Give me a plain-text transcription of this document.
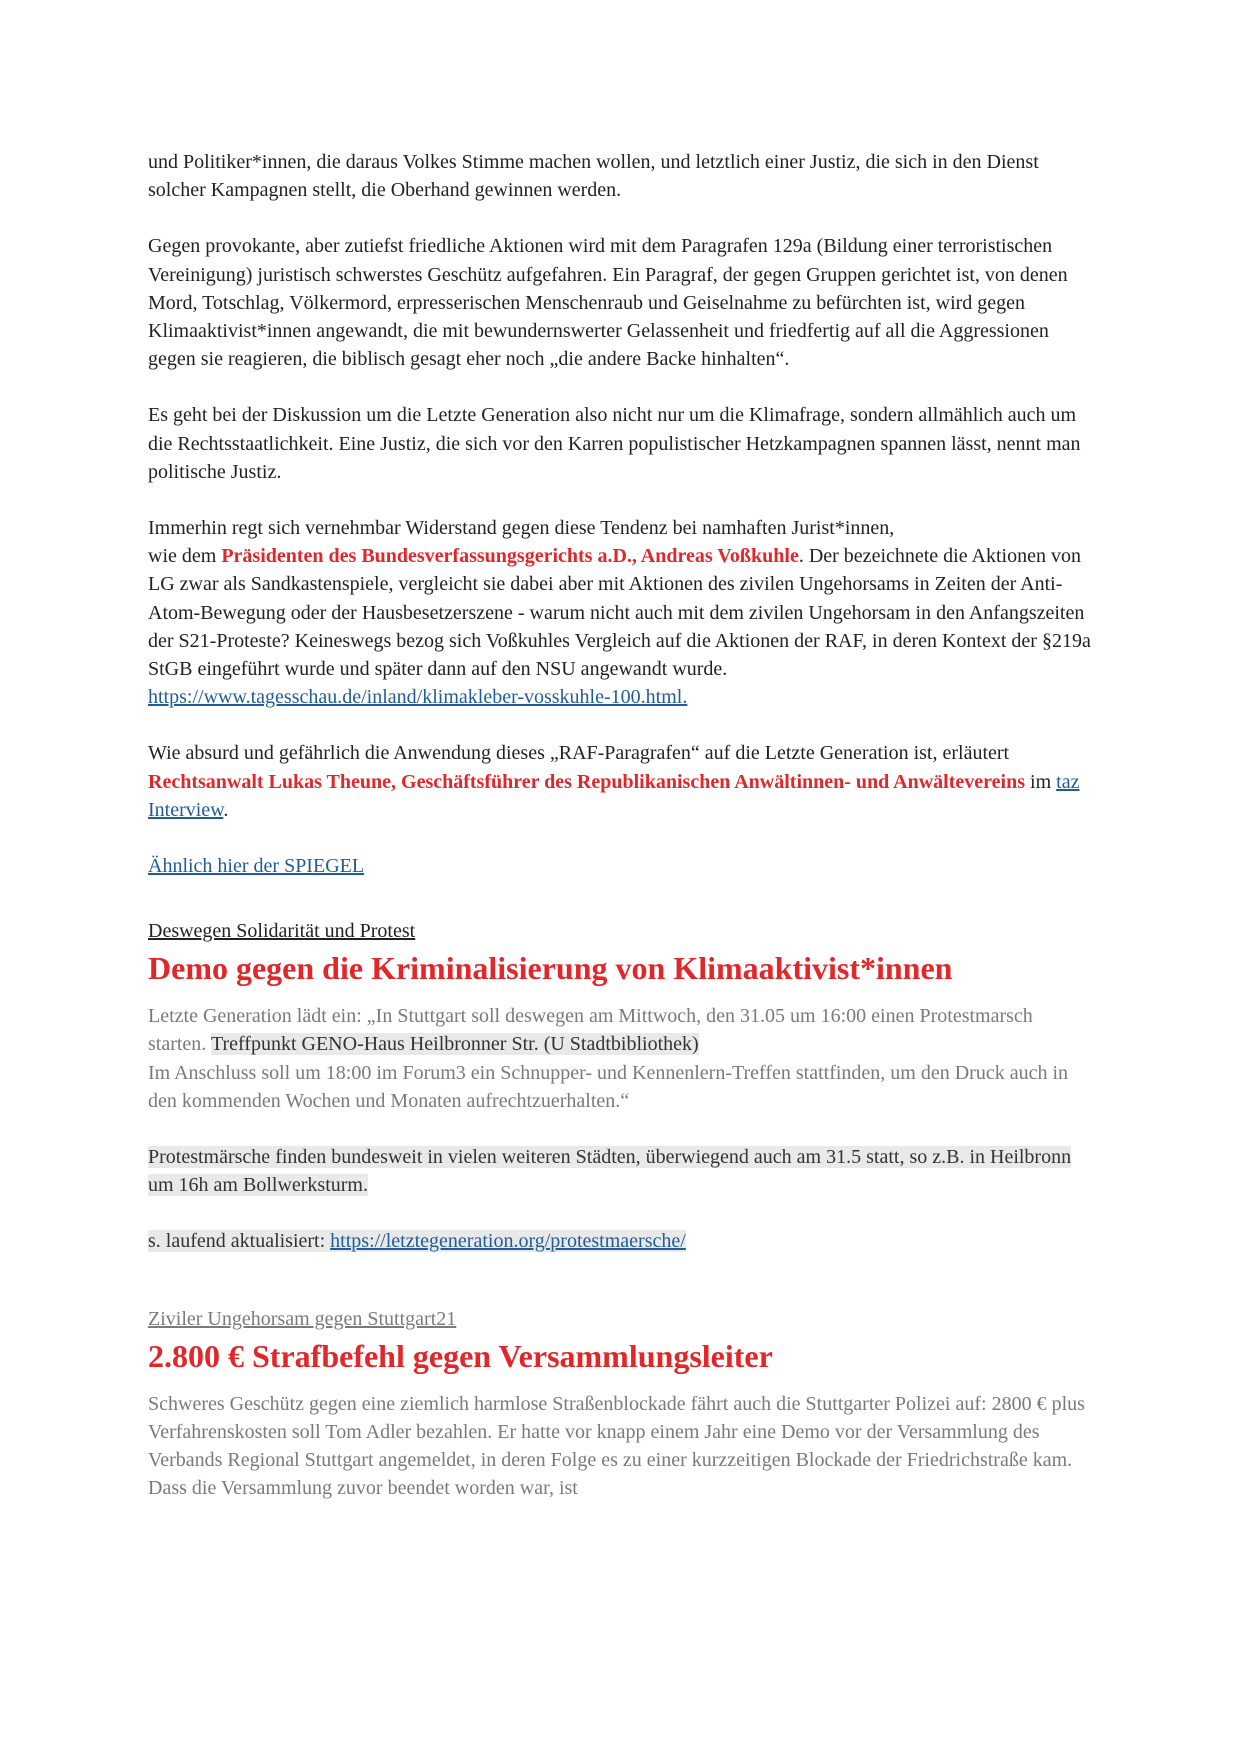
und Politiker*innen, die daraus Volkes Stimme machen wollen, und letztlich einer Justiz, die sich in den Dienst solcher Kampagnen stellt, die Oberhand gewinnen werden.

Gegen provokante, aber zutiefst friedliche Aktionen wird mit dem Paragrafen 129a (Bildung einer terroristischen Vereinigung) juristisch schwerstes Geschütz aufgefahren. Ein Paragraf, der gegen Gruppen gerichtet ist, von denen Mord, Totschlag, Völkermord, erpresserischen Menschenraub und Geiselnahme zu befürchten ist, wird gegen Klimaaktivist*innen angewandt, die mit bewundernswerter Gelassenheit und friedfertig auf all die Aggressionen gegen sie reagieren, die biblisch gesagt eher noch „die andere Backe hinhalten“.

Es geht bei der Diskussion um die Letzte Generation also nicht nur um die Klimafrage, sondern allmählich auch um die Rechtsstaatlichkeit. Eine Justiz, die sich vor den Karren populistischer Hetzkampagnen spannen lässt, nennt man politische Justiz.

Immerhin regt sich vernehmbar Widerstand gegen diese Tendenz bei namhaften Jurist*innen,
wie dem Präsidenten des Bundesverfassungsgerichts a.D., Andreas Voßkuhle. Der bezeichnete die Aktionen von LG zwar als Sandkastenspiele, vergleicht sie dabei aber mit Aktionen des zivilen Ungehorsams in Zeiten der Anti-Atom-Bewegung oder der Hausbesetzerszene - warum nicht auch mit dem zivilen Ungehorsam in den Anfangszeiten der S21-Proteste? Keineswegs bezog sich Voßkuhles Vergleich auf die Aktionen der RAF, in deren Kontext der §219a StGB eingeführt wurde und später dann auf den NSU angewandt wurde. https://www.tagesschau.de/inland/klimakleber-vosskuhle-100.html.

Wie absurd und gefährlich die Anwendung dieses „RAF-Paragrafen“ auf die Letzte Generation ist, erläutert Rechtsanwalt Lukas Theune, Geschäftsführer des Republikanischen Anwältinnen- und Anwältevereins im taz Interview.

Ähnlich hier der SPIEGEL

Deswegen Solidarität und Protest
Demo gegen die Kriminalisierung von Klimaaktivist*innen

Letzte Generation lädt ein: „In Stuttgart soll deswegen am Mittwoch, den 31.05 um 16:00 einen Protestmarsch starten. Treffpunkt GENO-Haus Heilbronner Str. (U Stadtbibliothek)
Im Anschluss soll um 18:00 im Forum3 ein Schnupper- und Kennenlern-Treffen stattfinden, um den Druck auch in den kommenden Wochen und Monaten aufrechtzuerhalten.“

Protestmärsche finden bundesweit in vielen weiteren Städten, überwiegend auch am 31.5 statt, so z.B. in Heilbronn um 16h am Bollwerksturm.

s. laufend aktualisiert: https://letztegeneration.org/protestmaersche/

Ziviler Ungehorsam gegen Stuttgart21
2.800 € Strafbefehl gegen Versammlungsleiter

Schweres Geschütz gegen eine ziemlich harmlose Straßenblockade fährt auch die Stuttgarter Polizei auf: 2800 € plus Verfahrenskosten soll Tom Adler bezahlen. Er hatte vor knapp einem Jahr eine Demo vor der Versammlung des Verbands Regional Stuttgart angemeldet, in deren Folge es zu einer kurzzeitigen Blockade der Friedrichstraße kam. Dass die Versammlung zuvor beendet worden war, ist
